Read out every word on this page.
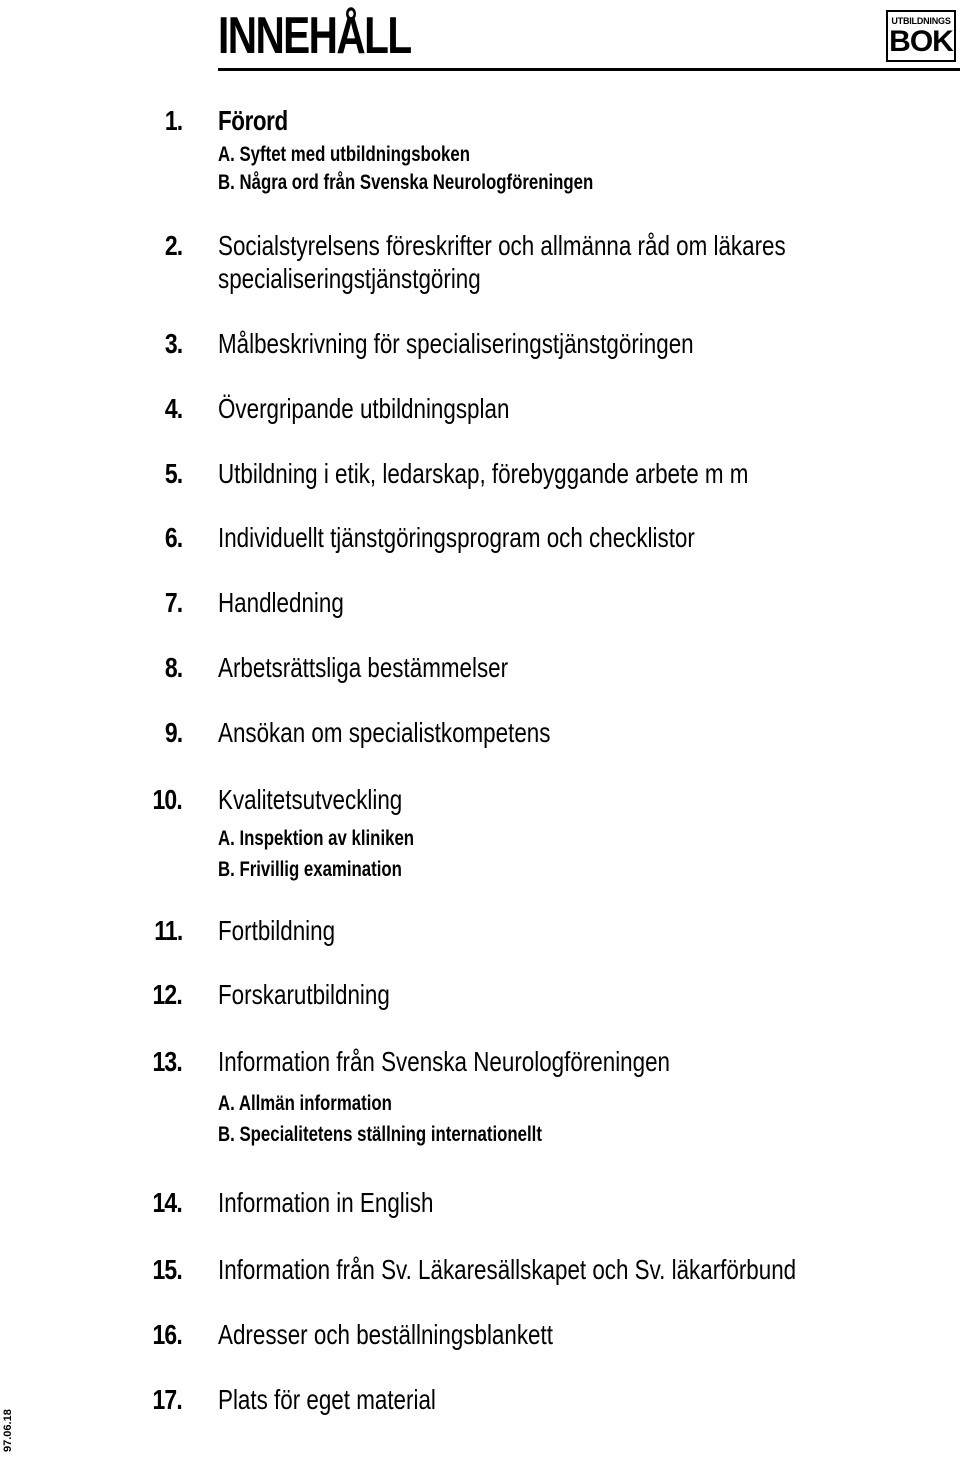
INNEHÅLL	UTBILDNINGS
BOK
1. Förord
A. Syftet med utbildningsboken
B. Några ord från Svenska Neurologföreningen
2. Socialstyrelsens föreskrifter och allmänna råd om läkares
specialiseringstjänstgöring
3. Målbeskrivning för specialiseringstjänstgöringen
4. Övergripande utbildningsplan
5. Utbildning i etik, ledarskap, förebyggande arbete m m
6. Individuellt tjänstgöringsprogram och checklistor
7. Handledning
8. Arbetsrättsliga bestämmelser
9. Ansökan om specialistkompetens
10. Kvalitetsutveckling
A. Inspektion av kliniken
B. Frivillig examination
11. Fortbildning
12. Forskarutbildning
13. Information från Svenska Neurologföreningen
A. Allmän information
B. Specialitetens ställning internationellt
14. Information in English
15. Information från Sv. Läkaresällskapet och Sv. läkarförbund
16. Adresser och beställningsblankett
17. Plats för eget material
97.06.18
